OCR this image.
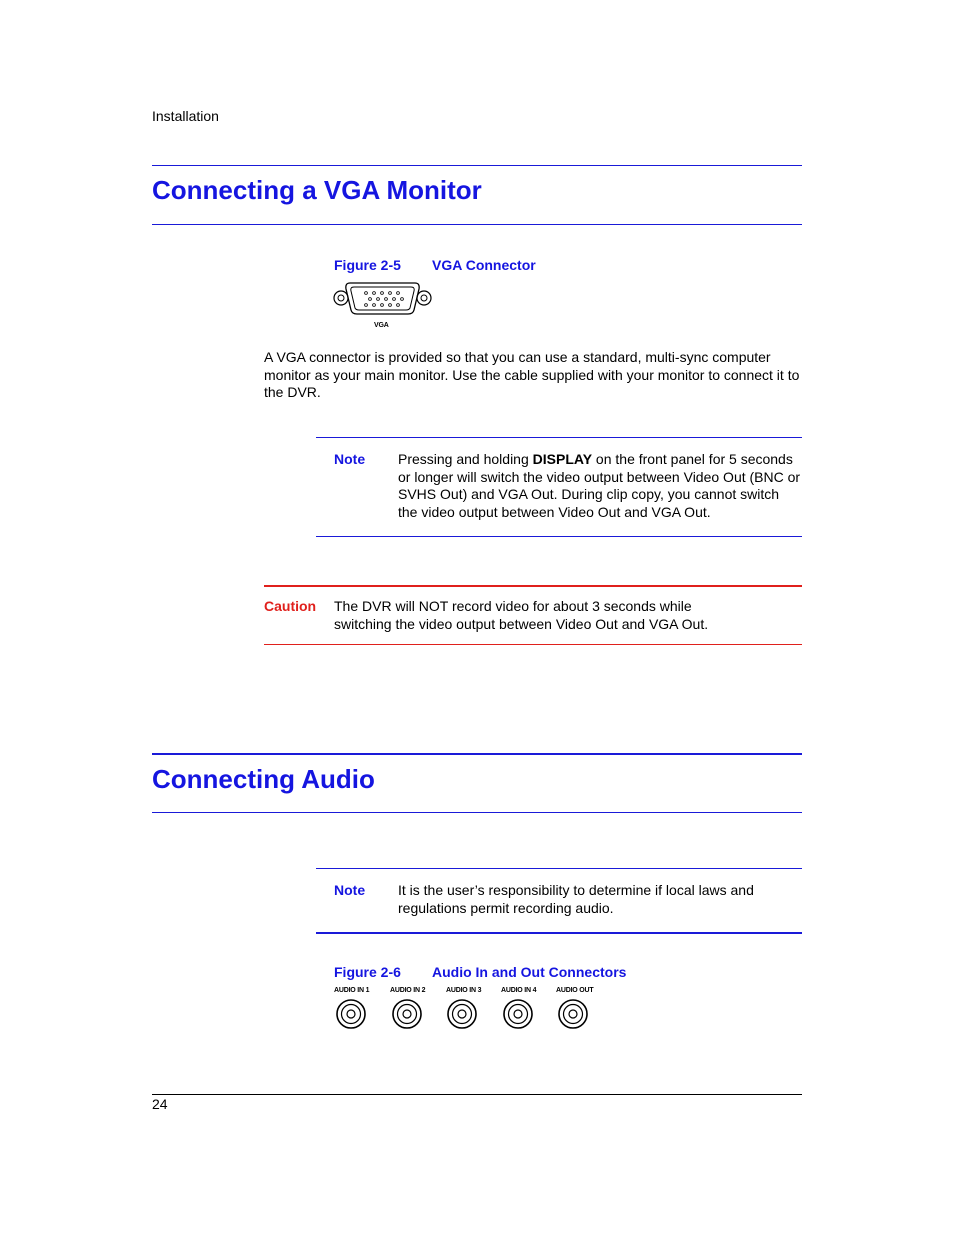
Installation
Connecting a VGA Monitor
Figure 2-5 VGA Connector
VGA
A VGA connector is provided so that you can use a standard, multi-sync computer monitor as your main monitor. Use the cable supplied with your monitor to connect it to the DVR.
Note Pressing and holding DISPLAY on the front panel for 5 seconds or longer will switch the video output between Video Out (BNC or SVHS Out) and VGA Out. During clip copy, you cannot switch the video output between Video Out and VGA Out.
Caution The DVR will NOT record video for about 3 seconds while switching the video output between Video Out and VGA Out.
Connecting Audio
Note It is the user’s responsibility to determine if local laws and regulations permit recording audio.
Figure 2-6 Audio In and Out Connectors
AUDIO IN 1	AUDIO IN 2	AUDIO IN 3	AUDIO IN 4	AUDIO OUT
24
